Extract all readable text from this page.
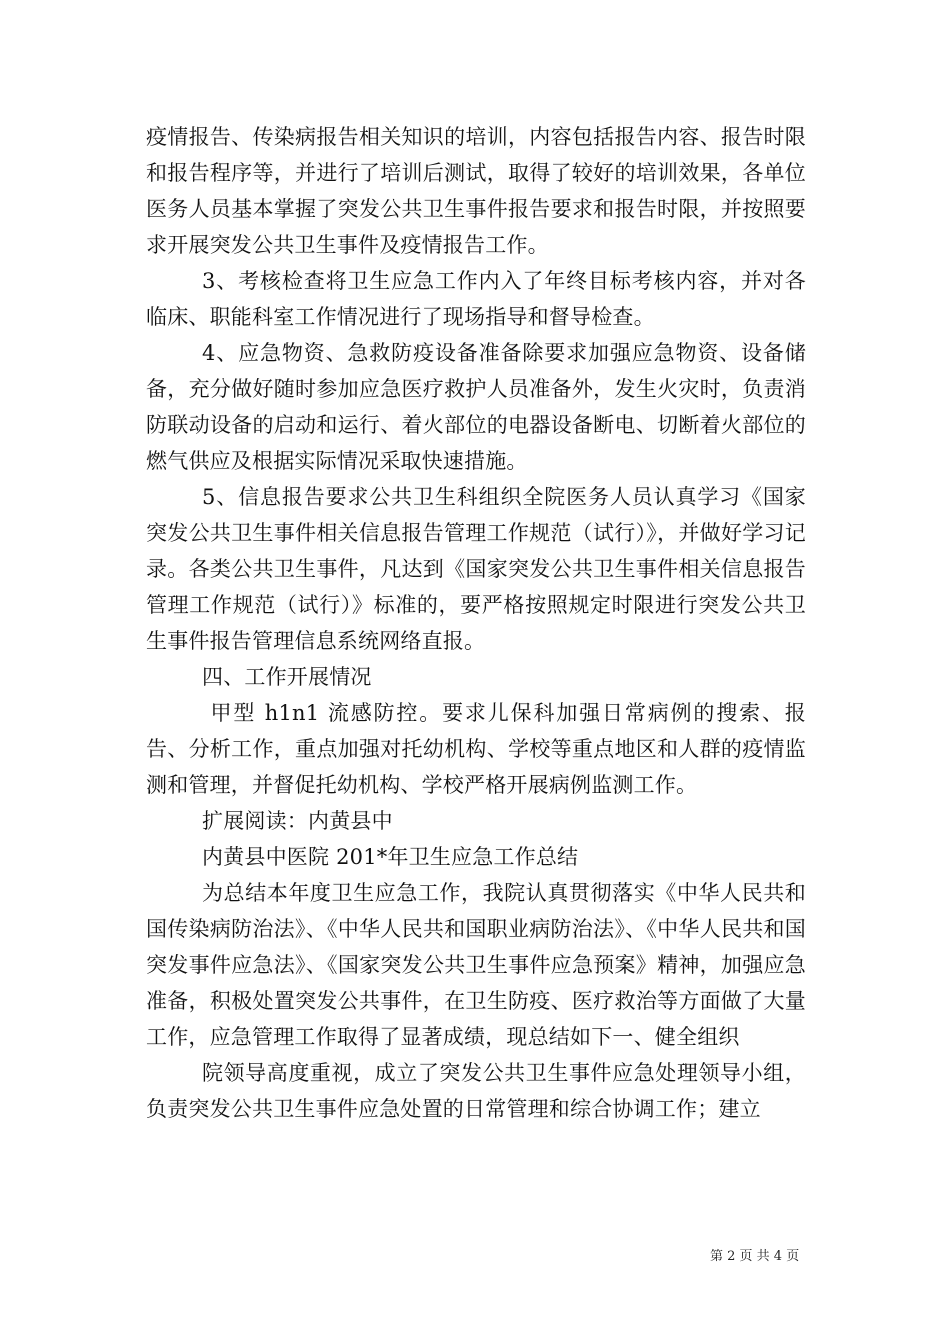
疫情报告、传染病报告相关知识的培训，内容包括报告内容、报告时限和报告程序等，并进行了培训后测试，取得了较好的培训效果，各单位医务人员基本掌握了突发公共卫生事件报告要求和报告时限，并按照要求开展突发公共卫生事件及疫情报告工作。

3、考核检查将卫生应急工作内入了年终目标考核内容，并对各临床、职能科室工作情况进行了现场指导和督导检查。

4、应急物资、急救防疫设备准备除要求加强应急物资、设备储备，充分做好随时参加应急医疗救护人员准备外，发生火灾时，负责消防联动设备的启动和运行、着火部位的电器设备断电、切断着火部位的燃气供应及根据实际情况采取快速措施。

5、信息报告要求公共卫生科组织全院医务人员认真学习《国家突发公共卫生事件相关信息报告管理工作规范（试行）》，并做好学习记录。各类公共卫生事件，凡达到《国家突发公共卫生事件相关信息报告管理工作规范（试行）》标准的，要严格按照规定时限进行突发公共卫生事件报告管理信息系统网络直报。

四、工作开展情况

甲型 h1n1 流感防控。要求儿保科加强日常病例的搜索、报告、分析工作，重点加强对托幼机构、学校等重点地区和人群的疫情监测和管理，并督促托幼机构、学校严格开展病例监测工作。

扩展阅读：内黄县中

内黄县中医院 201*年卫生应急工作总结

为总结本年度卫生应急工作，我院认真贯彻落实《中华人民共和国传染病防治法》、《中华人民共和国职业病防治法》、《中华人民共和国突发事件应急法》、《国家突发公共卫生事件应急预案》精神，加强应急准备，积极处置突发公共事件，在卫生防疫、医疗救治等方面做了大量工作，应急管理工作取得了显著成绩，现总结如下一、健全组织

院领导高度重视，成立了突发公共卫生事件应急处理领导小组，负责突发公共卫生事件应急处置的日常管理和综合协调工作；建立

第 2 页 共 4 页
